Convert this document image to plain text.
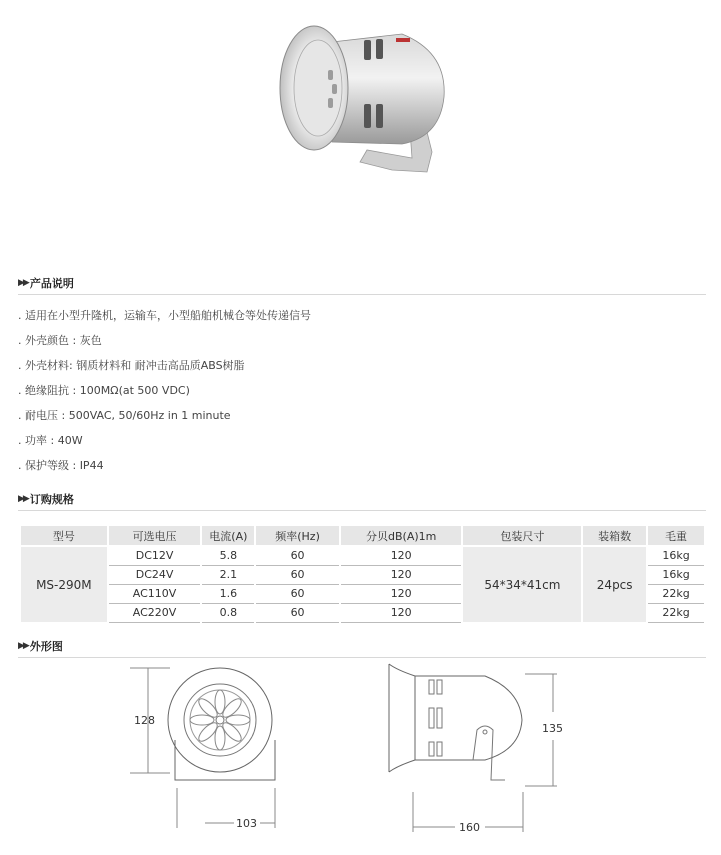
▶▶ 产品说明
. 适用在小型升隆机，运输车，小型船舶机械仓等处传递信号
. 外壳颜色 : 灰色
. 外壳材料: 钢质材料和 耐冲击高品质ABS树脂
. 绝缘阻抗 : 100MΩ(at 500 VDC)
. 耐电压 : 500VAC, 50/60Hz in 1 minute
. 功率 : 40W
. 保护等级 : IP44
▶▶ 订购规格
型号	可选电压	电流(A)	频率(Hz)	分贝dB(A)1m	包装尺寸	装箱数	毛重
MS-290M	DC12V	5.8	60	120	54*34*41cm	24pcs	16kg
	DC24V	2.1	60	120			16kg
	AC110V	1.6	60	120			22kg
	AC220V	0.8	60	120			22kg
▶▶ 外形图
128
103
135
160
